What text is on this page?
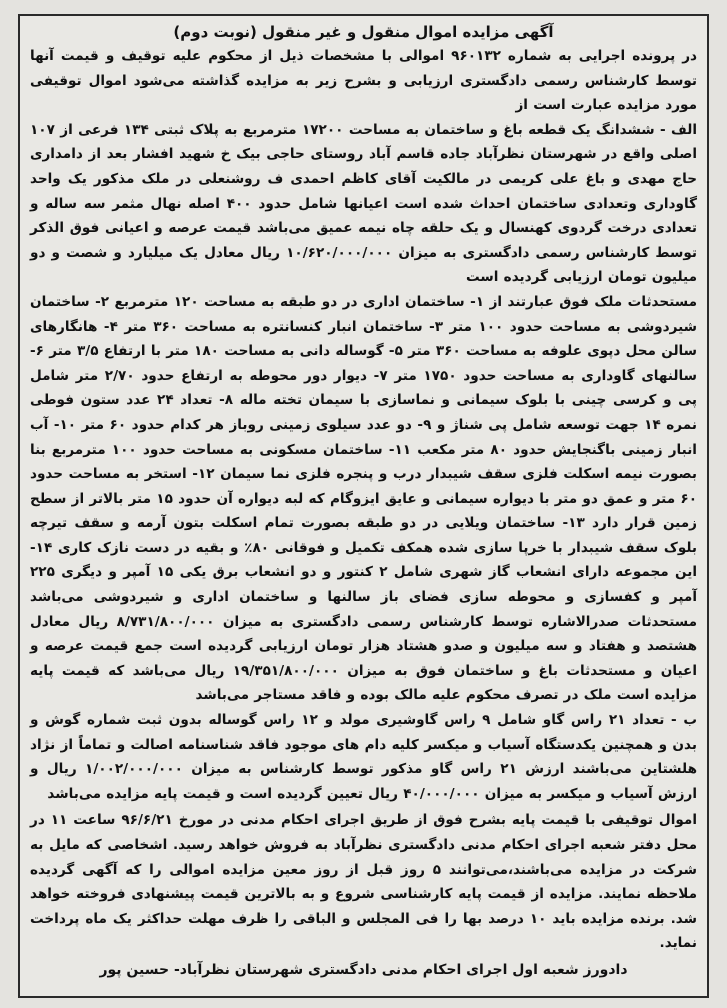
آگهی مزایده اموال منقول و غیر منقول (نوبت دوم)

در پرونده اجرایی به شماره ۹۶۰۱۳۲ اموالی با مشخصات ذیل از محکوم علیه توقیف و قیمت آنها توسط کارشناس رسمی دادگستری ارزیابی و بشرح زیر به مزایده گذاشته می‌شود اموال توقیفی مورد مزایده عبارت است از

الف - ششدانگ یک قطعه باغ و ساختمان به مساحت ۱۷۲۰۰ مترمربع به پلاک ثبتی ۱۳۴ فرعی از ۱۰۷ اصلی واقع در شهرستان نظرآباد جاده قاسم آباد روستای حاجی بیک خ شهید افشار بعد از دامداری حاج مهدی و باغ علی کریمی در مالکیت آقای کاظم احمدی ف روشنعلی در ملک مذکور یک واحد گاوداری وتعدادی ساختمان احداث شده است اعیانها شامل حدود ۴۰۰ اصله نهال مثمر سه ساله و تعدادی درخت گردوی کهنسال و یک حلقه چاه نیمه عمیق می‌باشد قیمت عرصه و اعیانی فوق الذکر توسط کارشناس رسمی دادگستری به میزان ۱۰/۶۲۰/۰۰۰/۰۰۰ ریال معادل یک میلیارد و شصت و دو میلیون تومان ارزیابی گردیده است

مستحدثات ملک فوق عبارتند از ۱- ساختمان اداری در دو طبقه به مساحت ۱۲۰ مترمربع ۲- ساختمان شیردوشی به مساحت حدود ۱۰۰ متر ۳- ساختمان انبار کنسانتره به مساحت ۳۶۰ متر ۴- هانگارهای سالن محل دپوی علوفه به مساحت ۳۶۰ متر ۵- گوساله دانی به مساحت ۱۸۰ متر با ارتفاع ۳/۵ متر ۶- سالنهای گاوداری به مساحت حدود ۱۷۵۰ متر ۷- دیوار دور محوطه به ارتفاع حدود ۲/۷۰ متر شامل پی و کرسی چینی با بلوک سیمانی و نماسازی با سیمان تخته ماله ۸- تعداد ۲۴ عدد ستون فوطی نمره ۱۴ جهت توسعه شامل پی شناژ و ۹- دو عدد سیلوی زمینی روباز هر کدام حدود ۶۰ متر ۱۰- آب انبار زمینی باگنجایش حدود ۸۰ متر مکعب ۱۱- ساختمان مسکونی به مساحت حدود ۱۰۰ مترمربع بنا بصورت نیمه اسکلت فلزی سقف شیبدار درب و پنجره فلزی نما سیمان ۱۲- استخر به مساحت حدود ۶۰ متر و عمق دو متر با دیواره سیمانی و عایق ایزوگام که لبه دیواره آن حدود ۱۵ متر بالاتر از سطح زمین قرار دارد ۱۳- ساختمان ویلایی در دو طبقه بصورت تمام اسکلت بتون آرمه و سقف تیرچه بلوک سقف شیبدار با خرپا سازی شده همکف تکمیل و فوقانی ۸۰٪ و بقیه در دست نازک کاری ۱۴- این مجموعه دارای انشعاب گاز شهری شامل ۲ کنتور و دو انشعاب برق یکی ۱۵ آمپر و دیگری ۲۲۵ آمپر و کفسازی و محوطه سازی فضای باز سالنها و ساختمان اداری و شیردوشی می‌باشد مستحدثات صدرالاشاره توسط کارشناس رسمی دادگستری به میزان ۸/۷۳۱/۸۰۰/۰۰۰ ریال معادل هشتصد و هفتاد و سه میلیون و صدو هشتاد هزار تومان ارزیابی گردیده است جمع قیمت عرصه و اعیان و مستحدثات باغ و ساختمان فوق به میزان ۱۹/۳۵۱/۸۰۰/۰۰۰ ریال می‌باشد که قیمت پایه مزایده است ملک در تصرف محکوم علیه مالک بوده و فاقد مستاجر می‌باشد

ب - تعداد ۲۱ راس گاو شامل ۹ راس گاوشیری مولد و ۱۲ راس گوساله بدون ثبت شماره گوش و بدن و همچنین یکدستگاه آسیاب و میکسر کلیه دام های موجود فاقد شناسنامه اصالت و تماماً از نژاد هلشتاین می‌باشند ارزش ۲۱ راس گاو مذکور توسط کارشناس به میزان ۱/۰۰۲/۰۰۰/۰۰۰ ریال و ارزش آسیاب و میکسر به میزان ۴۰/۰۰۰/۰۰۰ ریال تعیین گردیده است و قیمت پایه مزایده می‌باشد

اموال توقیفی با قیمت پایه بشرح فوق از طریق اجرای احکام مدنی در مورخ ۹۶/۶/۲۱ ساعت ۱۱ در محل دفتر شعبه اجرای احکام مدنی دادگستری نظرآباد به فروش خواهد رسید. اشخاصی که مایل به شرکت در مزایده می‌باشند،می‌توانند ۵ روز قبل از روز معین مزایده اموالی را که آگهی گردیده ملاحظه نمایند. مزایده از قیمت پایه کارشناسی شروع و به بالاترین قیمت پیشنهادی فروخته خواهد شد. برنده مزایده باید ۱۰ درصد بها را فی المجلس و الباقی را ظرف مهلت حداکثر یک ماه پرداخت نماید.

دادورز شعبه اول اجرای احکام مدنی دادگستری شهرستان نظرآباد- حسین پور
